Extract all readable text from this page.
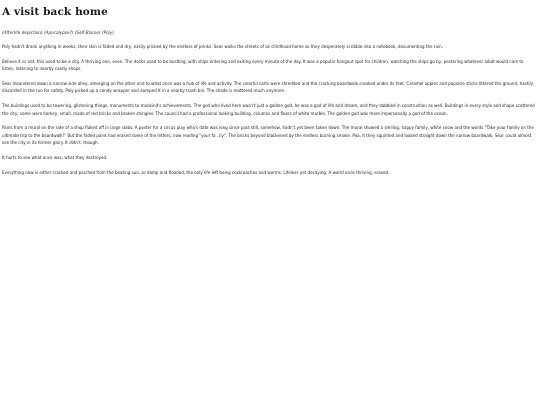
A visit back home

(Afterlife depiction) (Apocalypse?) (Self-Blame) (Poly)

Poly hadn't drank anything in weeks, their skin is faded and dry, easily pricked by the endless of prinks. Sear walks the streets of as childhood home as they desperately scribble into a notebook, documenting the ruin.

Believe it or not, this used to be a city. A thriving one, even. The docks used to be bustling, with ships entering and exiting every minute of the day. It was a popular hangout spot for children, watching the ships go by, pestering whatever adult would care to listen, listening to nearby candy shops.

Sear meandered down a narrow side alley, emerging on the other end to what once was a hub of life and activity. The colorful carts were shredded and the cracking boardwalk creaked under its feet. Caramel apples and popsicle sticks littered the ground, hastily discarded in the run for safety. Poly picked up a candy wrapper and dumped it in a nearby trash bin. The shade is mattered much anymore.

The buildings used to be towering, glistening things, monuments to mankind's achievements. The god who lived here wasn't just a golden god, he was a god of life and dream, and they dabbled in construction as well. Buildings in every style and shape scattered the city; some were homey, small, made of red bricks and broken shingles. The council had a professional looking building, columns and floors of white marble. The golden god was more impersonally a god of the ocean.

Pains from a mural on the side of a shop flaked off in large slabs. A poster for a circus play who's date was long since past still, somehow, hadn't yet been taken down. The mural showed a smiling, happy family, white snow and the words "Take your family on the ultimate trip to the boardwalk!" But the faded paint had erased some of the letters, now reading "your fa ..ily". The bricks beyond blackened by the endless burning smoke. Poa, it they squinted and looked straight down the narrow boardwalk, Sear could almost see the city in its former glory. It didn't, though.

It hurts to see what once was, what they destroyed.

Everything now is either cracked and parched from the beating sun, or damp and flooded, the only life left being cockroaches and worms. Lifeless yet decaying. A world once thriving, erased.
